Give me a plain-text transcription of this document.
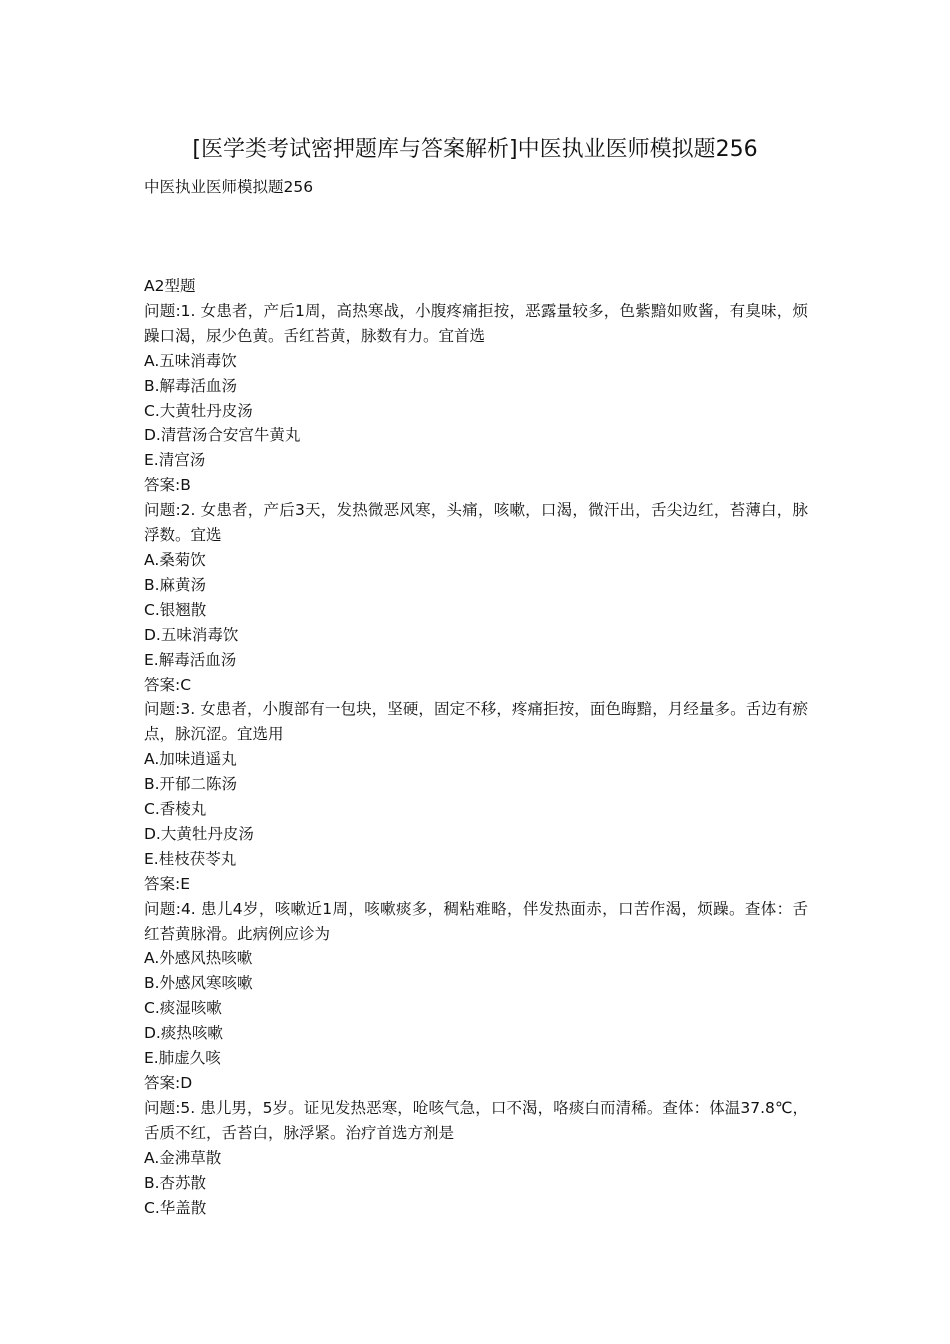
[医学类考试密押题库与答案解析]中医执业医师模拟题256
中医执业医师模拟题256
A2型题
问题:1. 女患者，产后1周，高热寒战，小腹疼痛拒按，恶露量较多，色紫黯如败酱，有臭味，烦躁口渴，尿少色黄。舌红苔黄，脉数有力。宜首选
A.五味消毒饮
B.解毒活血汤
C.大黄牡丹皮汤
D.清营汤合安宫牛黄丸
E.清宫汤
答案:B
问题:2. 女患者，产后3天，发热微恶风寒，头痛，咳嗽，口渴，微汗出，舌尖边红，苔薄白，脉浮数。宜选
A.桑菊饮
B.麻黄汤
C.银翘散
D.五味消毒饮
E.解毒活血汤
答案:C
问题:3. 女患者，小腹部有一包块，坚硬，固定不移，疼痛拒按，面色晦黯，月经量多。舌边有瘀点，脉沉涩。宜选用
A.加味逍遥丸
B.开郁二陈汤
C.香棱丸
D.大黄牡丹皮汤
E.桂枝茯苓丸
答案:E
问题:4. 患儿4岁，咳嗽近1周，咳嗽痰多，稠粘难略，伴发热面赤，口苦作渴，烦躁。查体：舌红苔黄脉滑。此病例应诊为
A.外感风热咳嗽
B.外感风寒咳嗽
C.痰湿咳嗽
D.痰热咳嗽
E.肺虚久咳
答案:D
问题:5. 患儿男，5岁。证见发热恶寒，呛咳气急，口不渴，咯痰白而清稀。查体：体温37.8℃，舌质不红，舌苔白，脉浮紧。治疗首选方剂是
A.金沸草散
B.杏苏散
C.华盖散
